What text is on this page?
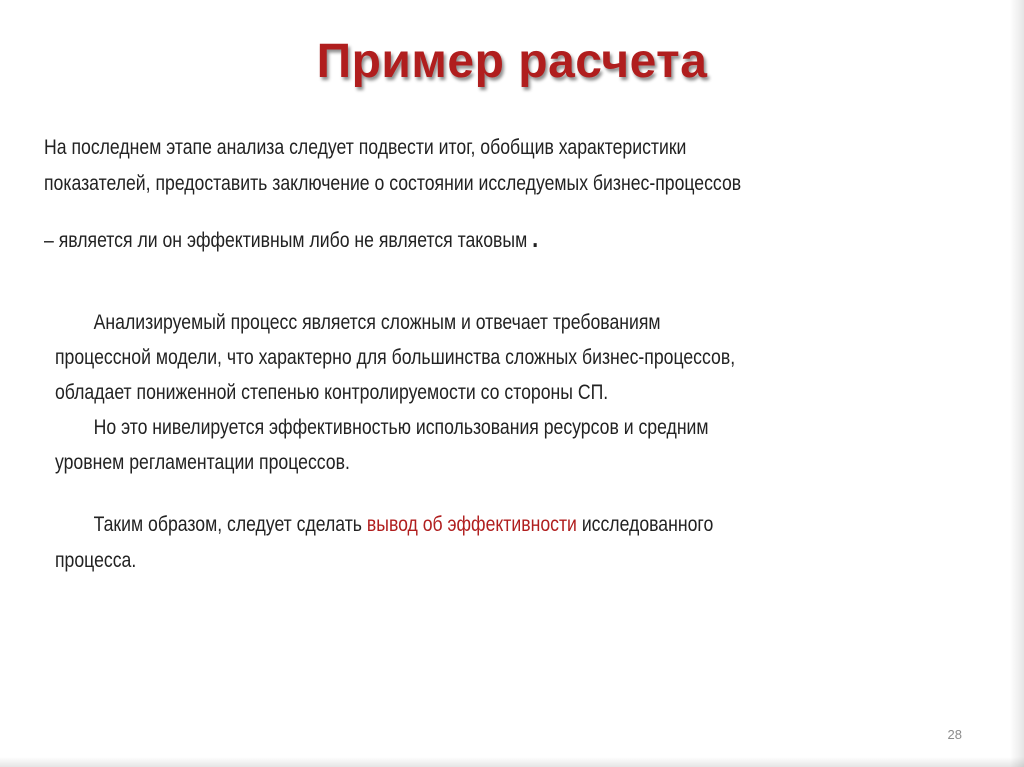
Пример расчета
На последнем этапе анализа следует подвести итог, обобщив характеристики
показателей, предоставить заключение о состоянии исследуемых бизнес-процессов
– является ли он эффективным либо не является таковым .
Анализируемый процесс является сложным и отвечает требованиям
процессной модели, что характерно для большинства сложных бизнес-процессов,
обладает пониженной степенью контролируемости со стороны СП.
Но это нивелируется эффективностью использования ресурсов и средним
уровнем регламентации процессов.
Таким образом, следует сделать вывод об эффективности исследованного
процесса.
28
